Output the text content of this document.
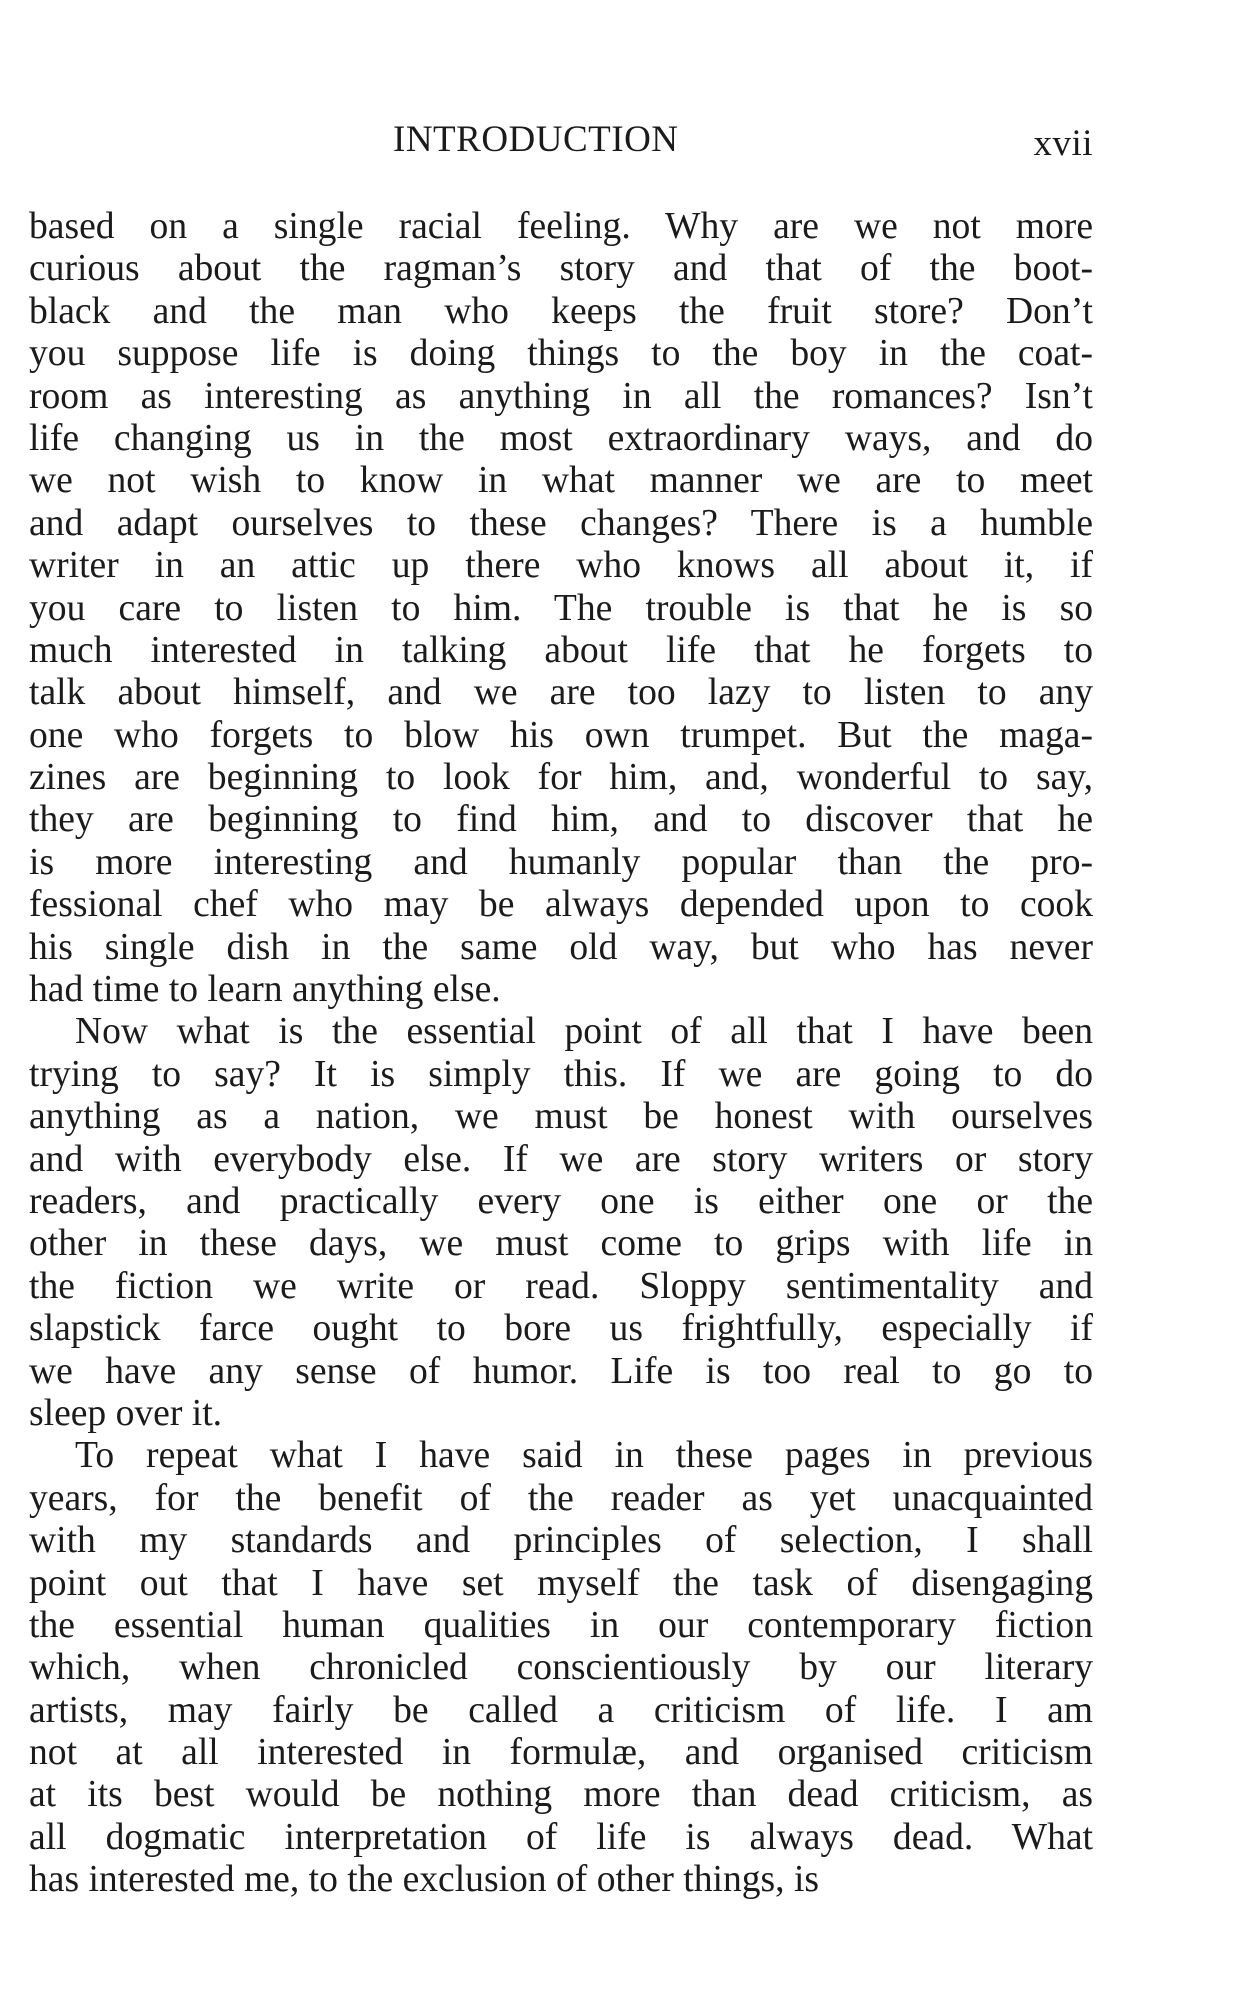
INTRODUCTION	xvii
based on a single racial feeling. Why are we not more
curious about the ragman’s story and that of the boot-
black and the man who keeps the fruit store? Don’t
you suppose life is doing things to the boy in the coat-
room as interesting as anything in all the romances? Isn’t
life changing us in the most extraordinary ways, and do
we not wish to know in what manner we are to meet
and adapt ourselves to these changes? There is a humble
writer in an attic up there who knows all about it, if
you care to listen to him. The trouble is that he is so
much interested in talking about life that he forgets to
talk about himself, and we are too lazy to listen to any
one who forgets to blow his own trumpet. But the maga-
zines are beginning to look for him, and, wonderful to say,
they are beginning to find him, and to discover that he
is more interesting and humanly popular than the pro-
fessional chef who may be always depended upon to cook
his single dish in the same old way, but who has never
had time to learn anything else.
Now what is the essential point of all that I have been
trying to say? It is simply this. If we are going to do
anything as a nation, we must be honest with ourselves
and with everybody else. If we are story writers or story
readers, and practically every one is either one or the
other in these days, we must come to grips with life in
the fiction we write or read. Sloppy sentimentality and
slapstick farce ought to bore us frightfully, especially if
we have any sense of humor. Life is too real to go to
sleep over it.
To repeat what I have said in these pages in previous
years, for the benefit of the reader as yet unacquainted
with my standards and principles of selection, I shall
point out that I have set myself the task of disengaging
the essential human qualities in our contemporary fiction
which, when chronicled conscientiously by our literary
artists, may fairly be called a criticism of life. I am
not at all interested in formulæ, and organised criticism
at its best would be nothing more than dead criticism, as
all dogmatic interpretation of life is always dead. What
has interested me, to the exclusion of other things, is
